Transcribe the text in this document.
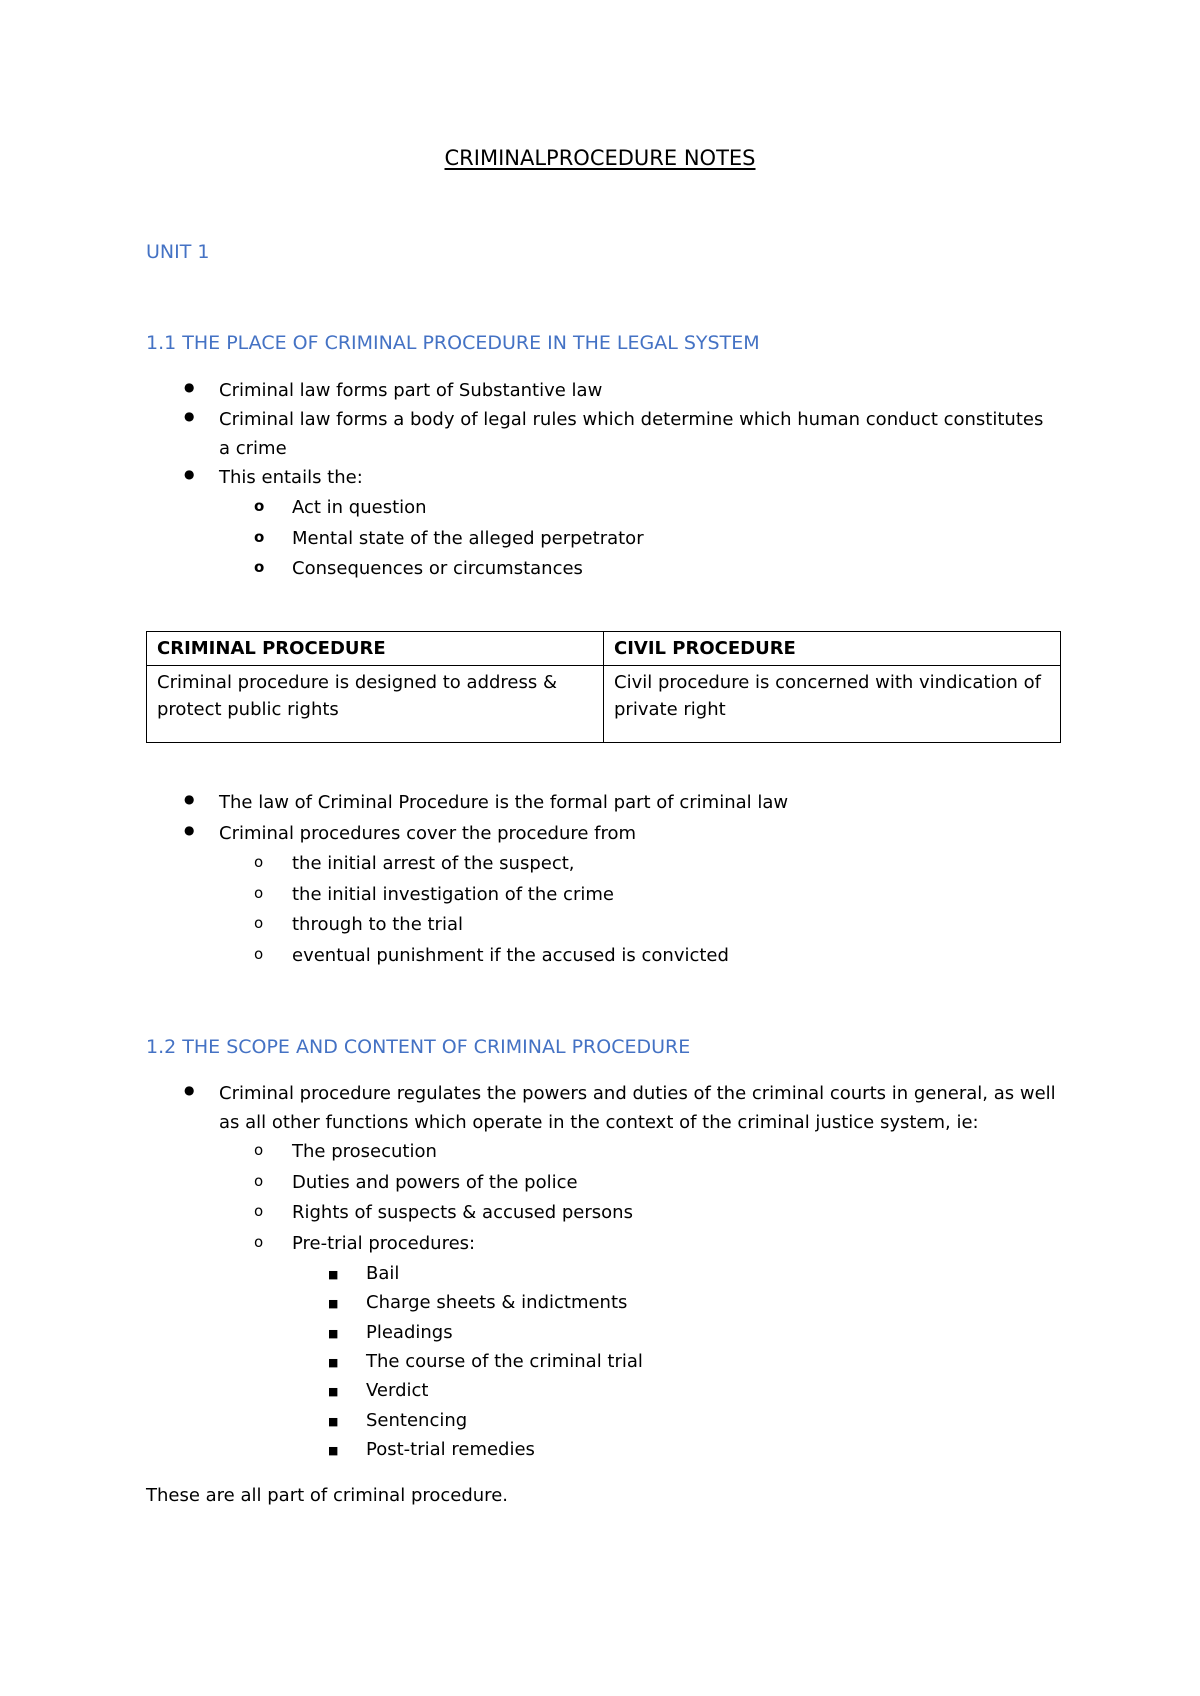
CRIMINALPROCEDURE NOTES
UNIT 1
1.1 THE PLACE OF CRIMINAL PROCEDURE IN THE LEGAL SYSTEM
● Criminal law forms part of Substantive law
● Criminal law forms a body of legal rules which determine which human conduct constitutes
a crime
● This entails the:
o Act in question
o Mental state of the alleged perpetrator
o Consequences or circumstances
CRIMINAL PROCEDURE	CIVIL PROCEDURE
Criminal procedure is designed to address & protect public rights	Civil procedure is concerned with vindication of private right
● The law of Criminal Procedure is the formal part of criminal law
● Criminal procedures cover the procedure from
o the initial arrest of the suspect,
o the initial investigation of the crime
o through to the trial
o eventual punishment if the accused is convicted
1.2 THE SCOPE AND CONTENT OF CRIMINAL PROCEDURE
● Criminal procedure regulates the powers and duties of the criminal courts in general, as well
as all other functions which operate in the context of the criminal justice system, ie:
o The prosecution
o Duties and powers of the police
o Rights of suspects & accused persons
o Pre-trial procedures:
■ Bail
■ Charge sheets & indictments
■ Pleadings
■ The course of the criminal trial
■ Verdict
■ Sentencing
■ Post-trial remedies
These are all part of criminal procedure.
